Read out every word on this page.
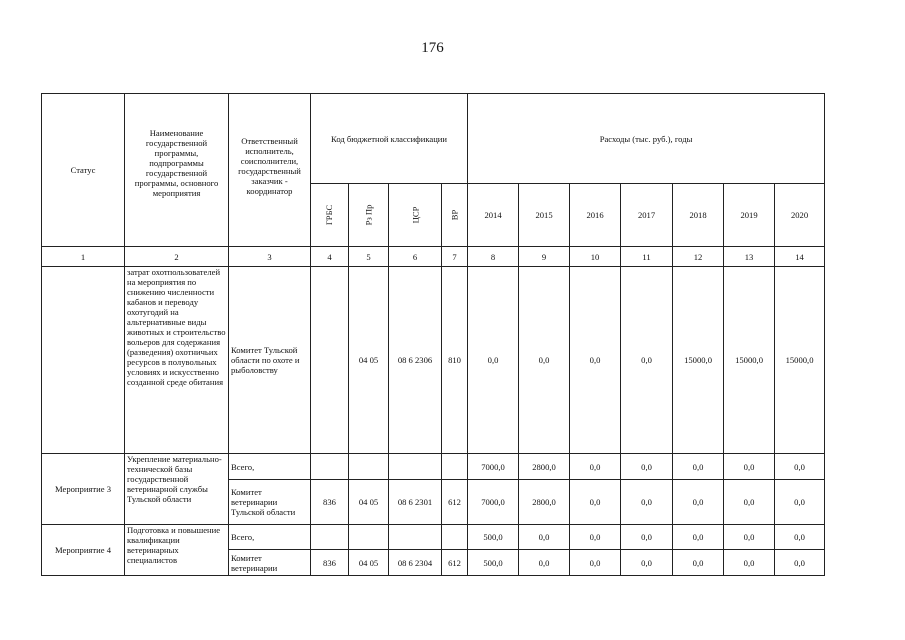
176
Статус	Наименование государственной программы, подпрограммы государственной программы, основного мероприятия	Ответственный исполнитель, соисполнители, государственный заказчик - координатор	Код бюджетной классификации				Расходы (тыс. руб.), годы						
			ГРБС	Рз Пр	ЦСР	ВР	2014	2015	2016	2017	2018	2019	2020
1	2	3	4	5	6	7	8	9	10	11	12	13	14
	затрат охотпользователей на мероприятия по снижению численности кабанов и переводу охотугодий на альтернативные виды животных и строительство вольеров для содержания (разведения) охотничьих ресурсов в полувольных условиях и искусственно созданной среде обитания	Комитет Тульской области по охоте и рыболовству		04 05	08 6 2306	810	0,0	0,0	0,0	0,0	15000,0	15000,0	15000,0
Мероприятие 3	Укрепление материально-технической базы государственной ветеринарной службы Тульской области	Всего,					7000,0	2800,0	0,0	0,0	0,0	0,0	0,0
		Комитет ветеринарии Тульской области	836	04 05	08 6 2301	612	7000,0	2800,0	0,0	0,0	0,0	0,0	0,0
Мероприятие 4	Подготовка и повышение квалификации ветеринарных специалистов	Всего,					500,0	0,0	0,0	0,0	0,0	0,0	0,0
		Комитет ветеринарии	836	04 05	08 6 2304	612	500,0	0,0	0,0	0,0	0,0	0,0	0,0
